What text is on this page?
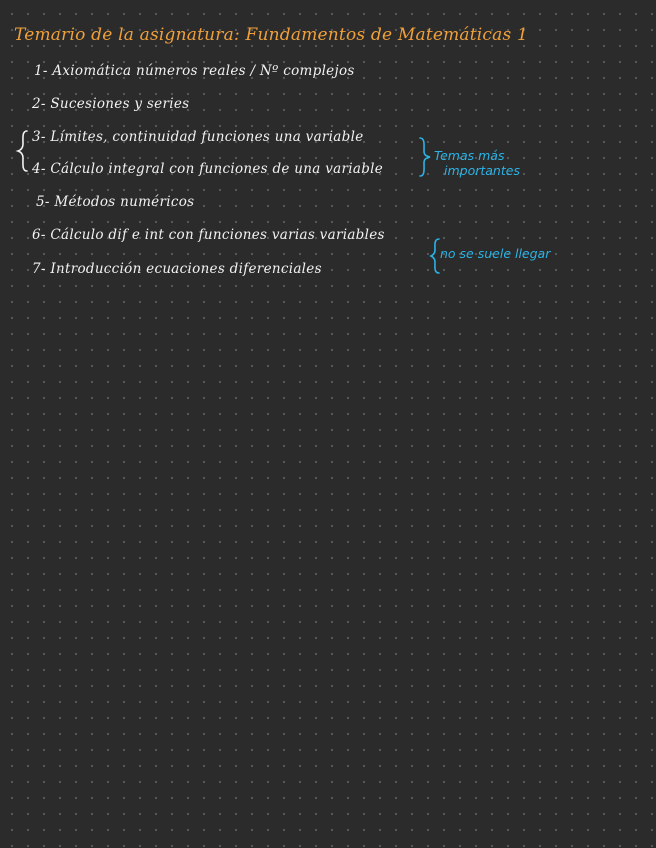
Temario de la asignatura: Fundamentos de Matemáticas 1
1- Axiomática números reales / Nº complejos
2- Sucesiones y series
3- Límites, continuidad funciones una variable
4- Cálculo integral con funciones de una variable
Temas más
importantes
5- Métodos numéricos
6- Cálculo dif e int con funciones varias variables
no se suele llegar
7- Introducción ecuaciones diferenciales
